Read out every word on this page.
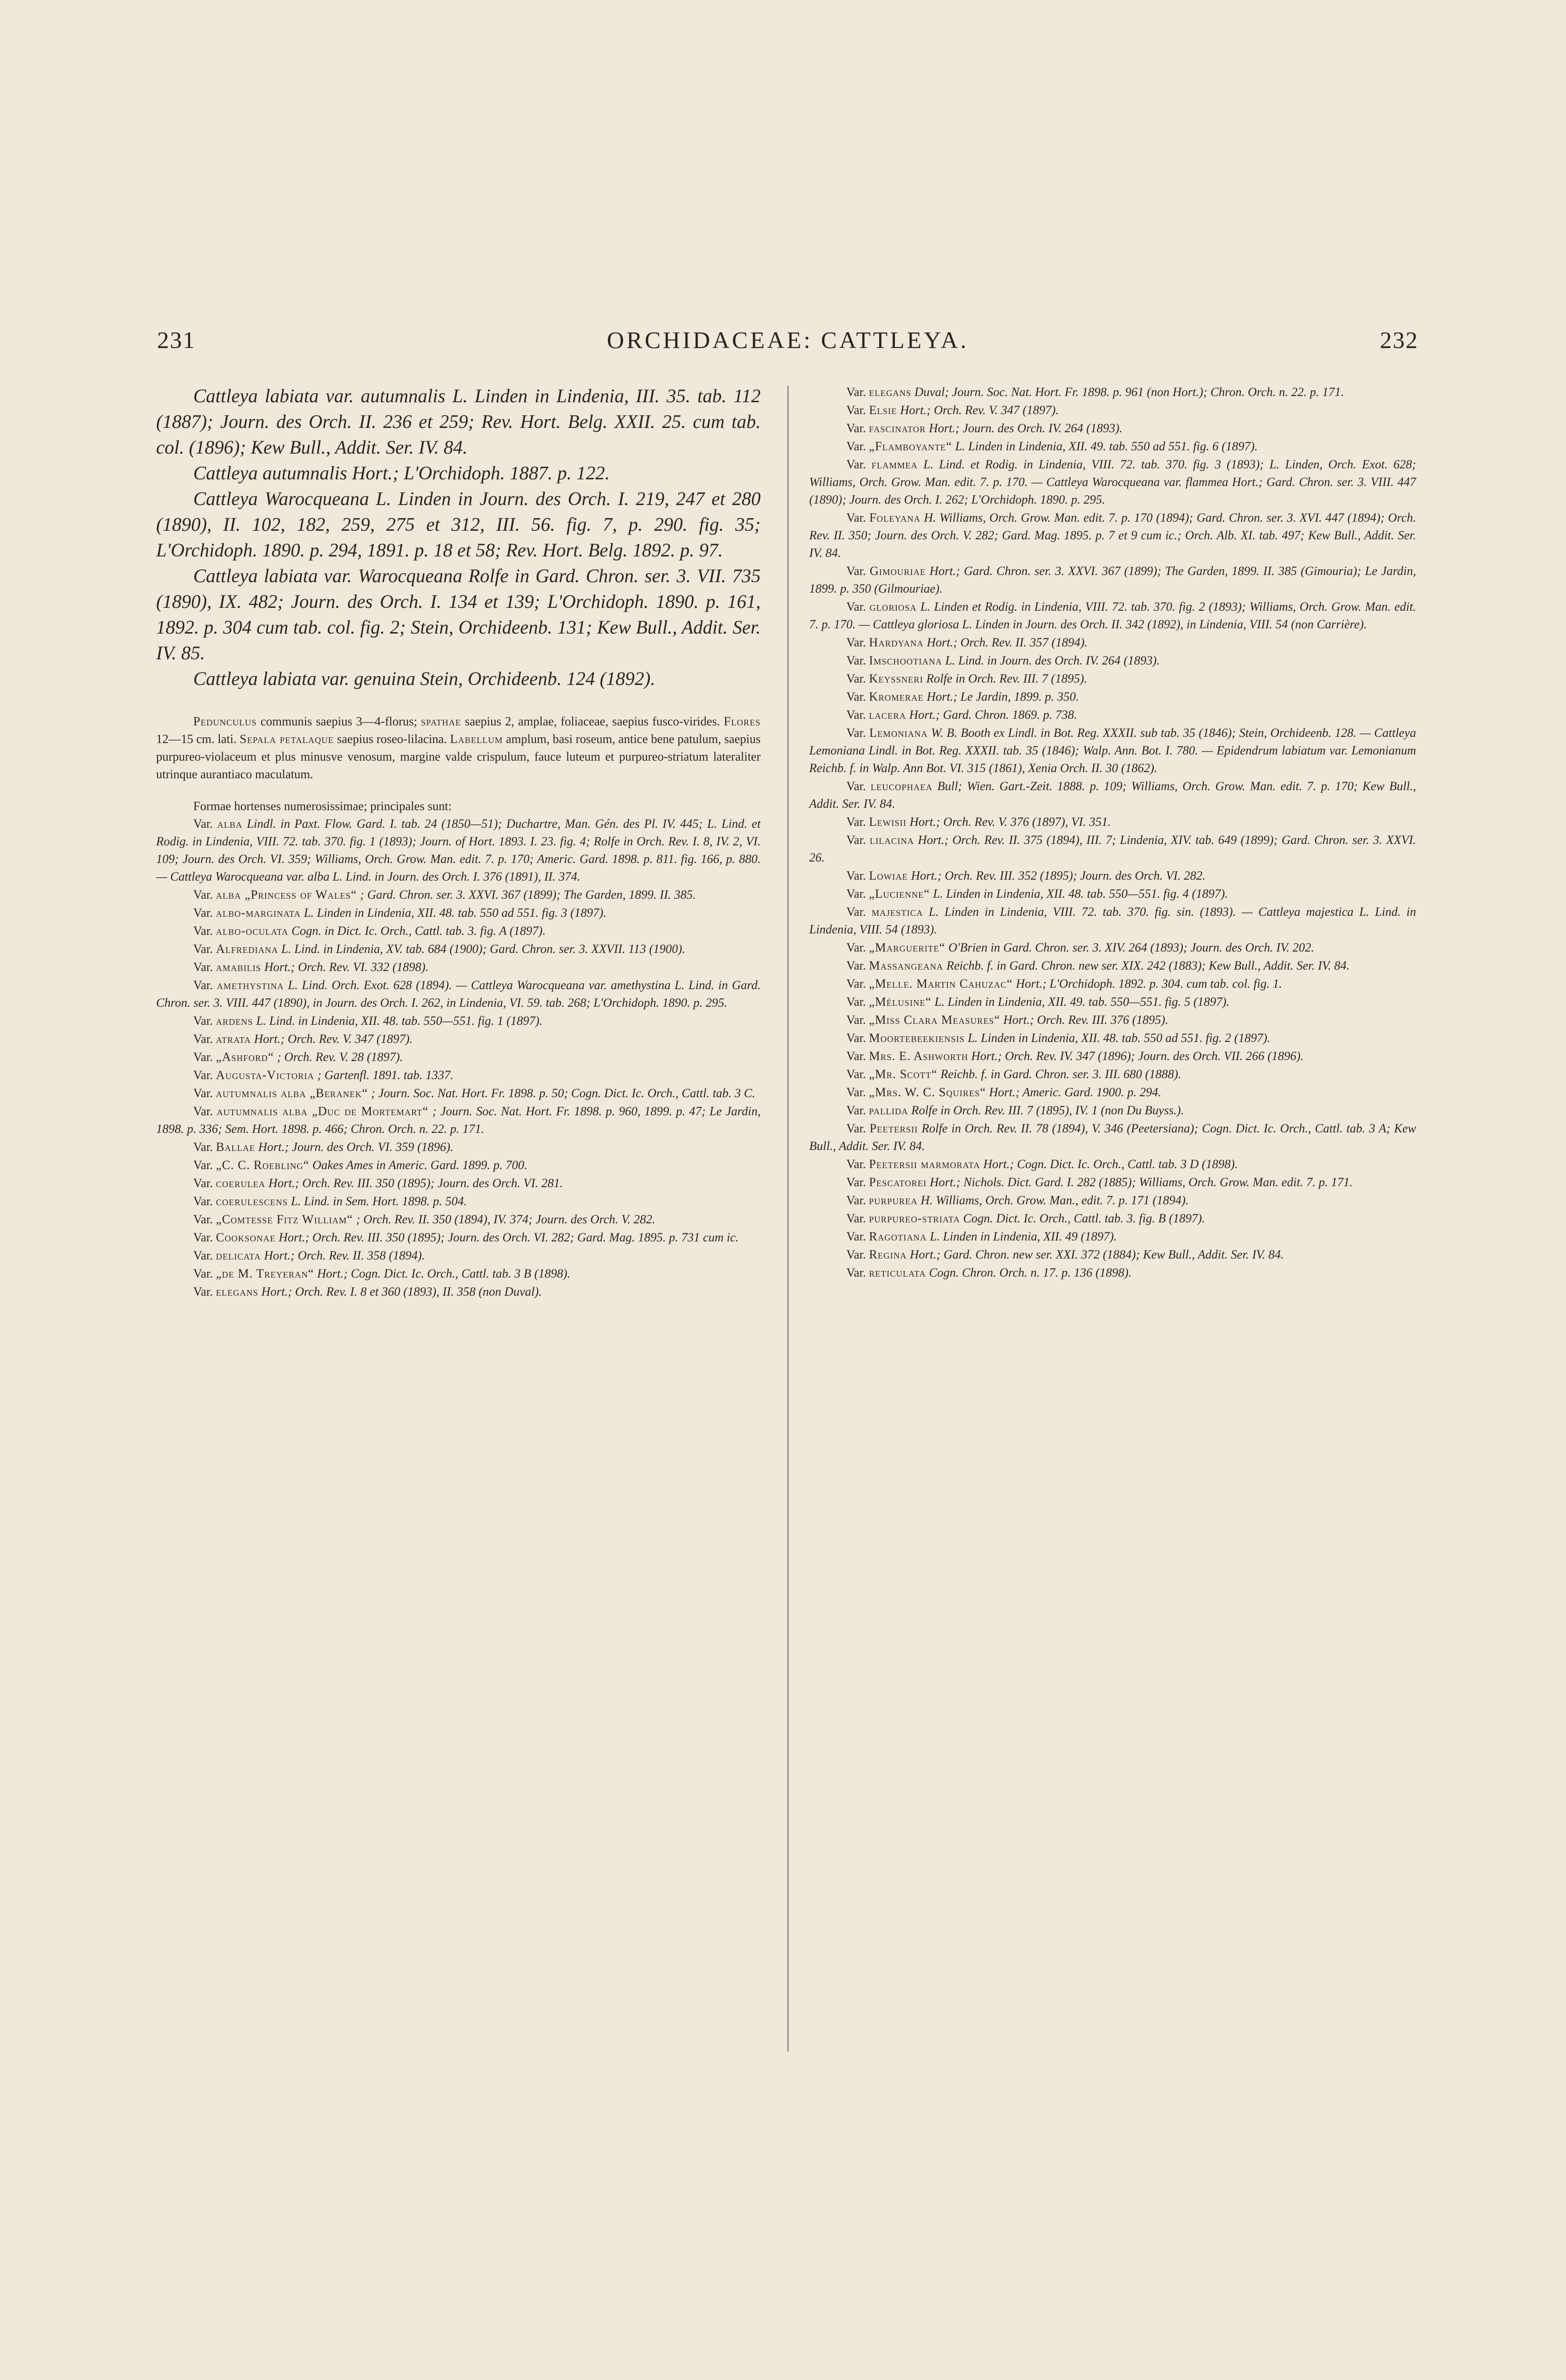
231	ORCHIDACEAE: CATTLEYA.	232

Cattleya labiata var. autumnalis L. Linden in Lindenia, III. 35. tab. 112 (1887); Journ. des Orch. II. 236 et 259; Rev. Hort. Belg. XXII. 25. cum tab. col. (1896); Kew Bull., Addit. Ser. IV. 84.

Cattleya autumnalis Hort.; L'Orchidoph. 1887. p. 122.

Cattleya Warocqueana L. Linden in Journ. des Orch. I. 219, 247 et 280 (1890), II. 102, 182, 259, 275 et 312, III. 56. fig. 7, p. 290. fig. 35; L'Orchidoph. 1890. p. 294, 1891. p. 18 et 58; Rev. Hort. Belg. 1892. p. 97.

Cattleya labiata var. Warocqueana Rolfe in Gard. Chron. ser. 3. VII. 735 (1890), IX. 482; Journ. des Orch. I. 134 et 139; L'Orchidoph. 1890. p. 161, 1892. p. 304 cum tab. col. fig. 2; Stein, Orchideenb. 131; Kew Bull., Addit. Ser. IV. 85.

Cattleya labiata var. genuina Stein, Orchideenb. 124 (1892).

Pedunculus communis saepius 3—4-florus; spathae saepius 2, amplae, foliaceae, saepius fusco-virides. Flores 12—15 cm. lati. Sepala petalaque saepius roseo-lilacina. Labellum amplum, basi roseum, antice bene patulum, saepius purpureo-violaceum et plus minusve venosum, margine valde crispulum, fauce luteum et purpureo-striatum lateraliter utrinque aurantiaco maculatum.

Formae hortenses numerosissimae; principales sunt:

Var. alba Lindl. in Paxt. Flow. Gard. I. tab. 24 (1850—51); Duchartre, Man. Gén. des Pl. IV. 445; L. Lind. et Rodig. in Lindenia, VIII. 72. tab. 370. fig. 1 (1893); Journ. of Hort. 1893. I. 23. fig. 4; Rolfe in Orch. Rev. I. 8, IV. 2, VI. 109; Journ. des Orch. VI. 359; Williams, Orch. Grow. Man. edit. 7. p. 170; Americ. Gard. 1898. p. 811. fig. 166, p. 880. — Cattleya Warocqueana var. alba L. Lind. in Journ. des Orch. I. 376 (1891), II. 374.

Var. alba „Princess of Wales“ ; Gard. Chron. ser. 3. XXVI. 367 (1899); The Garden, 1899. II. 385.

Var. albo-marginata L. Linden in Lindenia, XII. 48. tab. 550 ad 551. fig. 3 (1897).

Var. albo-oculata Cogn. in Dict. Ic. Orch., Cattl. tab. 3. fig. A (1897).

Var. Alfrediana L. Lind. in Lindenia, XV. tab. 684 (1900); Gard. Chron. ser. 3. XXVII. 113 (1900).

Var. amabilis Hort.; Orch. Rev. VI. 332 (1898).

Var. amethystina L. Lind. Orch. Exot. 628 (1894). — Cattleya Warocqueana var. amethystina L. Lind. in Gard. Chron. ser. 3. VIII. 447 (1890), in Journ. des Orch. I. 262, in Lindenia, VI. 59. tab. 268; L'Orchidoph. 1890. p. 295.

Var. ardens L. Lind. in Lindenia, XII. 48. tab. 550—551. fig. 1 (1897).

Var. atrata Hort.; Orch. Rev. V. 347 (1897).

Var. „Ashford“ ; Orch. Rev. V. 28 (1897).

Var. Augusta-Victoria ; Gartenfl. 1891. tab. 1337.

Var. autumnalis alba „Beranek“ ; Journ. Soc. Nat. Hort. Fr. 1898. p. 50; Cogn. Dict. Ic. Orch., Cattl. tab. 3 C.

Var. autumnalis alba „Duc de Mortemart“ ; Journ. Soc. Nat. Hort. Fr. 1898. p. 960, 1899. p. 47; Le Jardin, 1898. p. 336; Sem. Hort. 1898. p. 466; Chron. Orch. n. 22. p. 171.

Var. Ballae Hort.; Journ. des Orch. VI. 359 (1896).

Var. „C. C. Roebling“ Oakes Ames in Americ. Gard. 1899. p. 700.

Var. coerulea Hort.; Orch. Rev. III. 350 (1895); Journ. des Orch. VI. 281.

Var. coerulescens L. Lind. in Sem. Hort. 1898. p. 504.

Var. „Comtesse Fitz William“ ; Orch. Rev. II. 350 (1894), IV. 374; Journ. des Orch. V. 282.

Var. Cooksonae Hort.; Orch. Rev. III. 350 (1895); Journ. des Orch. VI. 282; Gard. Mag. 1895. p. 731 cum ic.

Var. delicata Hort.; Orch. Rev. II. 358 (1894).

Var. „de M. Treyeran“ Hort.; Cogn. Dict. Ic. Orch., Cattl. tab. 3 B (1898).

Var. elegans Hort.; Orch. Rev. I. 8 et 360 (1893), II. 358 (non Duval).

Var. elegans Duval; Journ. Soc. Nat. Hort. Fr. 1898. p. 961 (non Hort.); Chron. Orch. n. 22. p. 171.

Var. Elsie Hort.; Orch. Rev. V. 347 (1897).

Var. fascinator Hort.; Journ. des Orch. IV. 264 (1893).

Var. „Flamboyante“ L. Linden in Lindenia, XII. 49. tab. 550 ad 551. fig. 6 (1897).

Var. flammea L. Lind. et Rodig. in Lindenia, VIII. 72. tab. 370. fig. 3 (1893); L. Linden, Orch. Exot. 628; Williams, Orch. Grow. Man. edit. 7. p. 170. — Cattleya Warocqueana var. flammea Hort.; Gard. Chron. ser. 3. VIII. 447 (1890); Journ. des Orch. I. 262; L'Orchidoph. 1890. p. 295.

Var. Foleyana H. Williams, Orch. Grow. Man. edit. 7. p. 170 (1894); Gard. Chron. ser. 3. XVI. 447 (1894); Orch. Rev. II. 350; Journ. des Orch. V. 282; Gard. Mag. 1895. p. 7 et 9 cum ic.; Orch. Alb. XI. tab. 497; Kew Bull., Addit. Ser. IV. 84.

Var. Gimouriae Hort.; Gard. Chron. ser. 3. XXVI. 367 (1899); The Garden, 1899. II. 385 (Gimouria); Le Jardin, 1899. p. 350 (Gilmouriae).

Var. gloriosa L. Linden et Rodig. in Lindenia, VIII. 72. tab. 370. fig. 2 (1893); Williams, Orch. Grow. Man. edit. 7. p. 170. — Cattleya gloriosa L. Linden in Journ. des Orch. II. 342 (1892), in Lindenia, VIII. 54 (non Carrière).

Var. Hardyana Hort.; Orch. Rev. II. 357 (1894).

Var. Imschootiana L. Lind. in Journ. des Orch. IV. 264 (1893).

Var. Keyssneri Rolfe in Orch. Rev. III. 7 (1895).

Var. Kromerae Hort.; Le Jardin, 1899. p. 350.

Var. lacera Hort.; Gard. Chron. 1869. p. 738.

Var. Lemoniana W. B. Booth ex Lindl. in Bot. Reg. XXXII. sub tab. 35 (1846); Stein, Orchideenb. 128. — Cattleya Lemoniana Lindl. in Bot. Reg. XXXII. tab. 35 (1846); Walp. Ann. Bot. I. 780. — Epidendrum labiatum var. Lemonianum Reichb. f. in Walp. Ann Bot. VI. 315 (1861), Xenia Orch. II. 30 (1862).

Var. leucophaea Bull; Wien. Gart.-Zeit. 1888. p. 109; Williams, Orch. Grow. Man. edit. 7. p. 170; Kew Bull., Addit. Ser. IV. 84.

Var. Lewisii Hort.; Orch. Rev. V. 376 (1897), VI. 351.

Var. lilacina Hort.; Orch. Rev. II. 375 (1894), III. 7; Lindenia, XIV. tab. 649 (1899); Gard. Chron. ser. 3. XXVI. 26.

Var. Lowiae Hort.; Orch. Rev. III. 352 (1895); Journ. des Orch. VI. 282.

Var. „Lucienne“ L. Linden in Lindenia, XII. 48. tab. 550—551. fig. 4 (1897).

Var. majestica L. Linden in Lindenia, VIII. 72. tab. 370. fig. sin. (1893). — Cattleya majestica L. Lind. in Lindenia, VIII. 54 (1893).

Var. „Marguerite“ O'Brien in Gard. Chron. ser. 3. XIV. 264 (1893); Journ. des Orch. IV. 202.

Var. Massangeana Reichb. f. in Gard. Chron. new ser. XIX. 242 (1883); Kew Bull., Addit. Ser. IV. 84.

Var. „Melle. Martin Cahuzac“ Hort.; L'Orchidoph. 1892. p. 304. cum tab. col. fig. 1.

Var. „Mélusine“ L. Linden in Lindenia, XII. 49. tab. 550—551. fig. 5 (1897).

Var. „Miss Clara Measures“ Hort.; Orch. Rev. III. 376 (1895).

Var. Moortebeekiensis L. Linden in Lindenia, XII. 48. tab. 550 ad 551. fig. 2 (1897).

Var. Mrs. E. Ashworth Hort.; Orch. Rev. IV. 347 (1896); Journ. des Orch. VII. 266 (1896).

Var. „Mr. Scott“ Reichb. f. in Gard. Chron. ser. 3. III. 680 (1888).

Var. „Mrs. W. C. Squires“ Hort.; Americ. Gard. 1900. p. 294.

Var. pallida Rolfe in Orch. Rev. III. 7 (1895), IV. 1 (non Du Buyss.).

Var. Peetersii Rolfe in Orch. Rev. II. 78 (1894), V. 346 (Peetersiana); Cogn. Dict. Ic. Orch., Cattl. tab. 3 A; Kew Bull., Addit. Ser. IV. 84.

Var. Peetersii marmorata Hort.; Cogn. Dict. Ic. Orch., Cattl. tab. 3 D (1898).

Var. Pescatorei Hort.; Nichols. Dict. Gard. I. 282 (1885); Williams, Orch. Grow. Man. edit. 7. p. 171.

Var. purpurea H. Williams, Orch. Grow. Man., edit. 7. p. 171 (1894).

Var. purpureo-striata Cogn. Dict. Ic. Orch., Cattl. tab. 3. fig. B (1897).

Var. Ragotiana L. Linden in Lindenia, XII. 49 (1897).

Var. Regina Hort.; Gard. Chron. new ser. XXI. 372 (1884); Kew Bull., Addit. Ser. IV. 84.

Var. reticulata Cogn. Chron. Orch. n. 17. p. 136 (1898).
